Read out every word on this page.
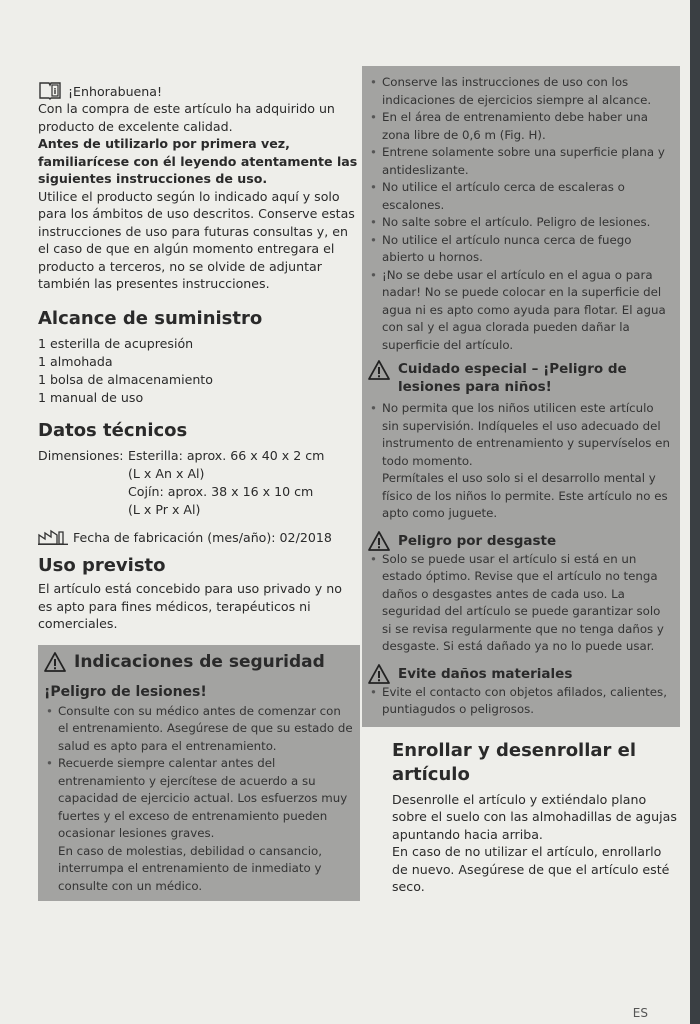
i ¡Enhorabuena!

Con la compra de este artículo ha adquirido un producto de excelente calidad.

Antes de utilizarlo por primera vez, familiarícese con él leyendo atentamente las siguientes instrucciones de uso.

Utilice el producto según lo indicado aquí y solo para los ámbitos de uso descritos. Conserve estas instrucciones de uso para futuras consultas y, en el caso de que en algún momento entregara el producto a terceros, no se olvide de adjuntar también las presentes instrucciones.

Alcance de suministro
1 esterilla de acupresión
1 almohada
1 bolsa de almacenamiento
1 manual de uso
Datos técnicos
Dimensiones: Esterilla: aprox. 66 x 40 x 2 cm
(L x An x Al)
Cojín: aprox. 38 x 16 x 10 cm
(L x Pr x Al)
Fecha de fabricación (mes/año): 02/2018
Uso previsto

El artículo está concebido para uso privado y no es apto para fines médicos, terapéuticos ni comerciales.

Indicaciones de seguridad
¡Peligro de lesiones!
• Consulte con su médico antes de comenzar con el entrenamiento. Asegúrese de que su estado de salud es apto para el entrenamiento.
• Recuerde siempre calentar antes del entrenamiento y ejercítese de acuerdo a su capacidad de ejercicio actual. Los esfuerzos muy fuertes y el exceso de entrenamiento pueden ocasionar lesiones graves.

En caso de molestias, debilidad o cansancio, interrumpa el entrenamiento de inmediato y consulte con un médico.

• Conserve las instrucciones de uso con los indicaciones de ejercicios siempre al alcance.
• En el área de entrenamiento debe haber una zona libre de 0,6 m (Fig. H).
• Entrene solamente sobre una superficie plana y antideslizante.
• No utilice el artículo cerca de escaleras o escalones.
• No salte sobre el artículo. Peligro de lesiones.
• No utilice el artículo nunca cerca de fuego abierto u hornos.
• ¡No se debe usar el artículo en el agua o para nadar! No se puede colocar en la superficie del agua ni es apto como ayuda para flotar. El agua con sal y el agua clorada pueden dañar la superficie del artículo.
Cuidado especial – ¡Peligro de lesiones para niños!
• No permita que los niños utilicen este artículo sin supervisión. Indíqueles el uso adecuado del instrumento de entrenamiento y supervíselos en todo momento.

Permítales el uso solo si el desarrollo mental y físico de los niños lo permite. Este artículo no es apto como juguete.

Peligro por desgaste
• Solo se puede usar el artículo si está en un estado óptimo. Revise que el artículo no tenga daños o desgastes antes de cada uso. La seguridad del artículo se puede garantizar solo si se revisa regularmente que no tenga daños y desgaste. Si está dañado ya no lo puede usar.
Evite daños materiales
• Evite el contacto con objetos afilados, calientes, puntiagudos o peligrosos.
Enrollar y desenrollar el artículo

Desenrolle el artículo y extiéndalo plano sobre el suelo con las almohadillas de agujas apuntando hacia arriba.

En caso de no utilizar el artículo, enrollarlo de nuevo. Asegúrese de que el artículo esté seco.

ES
